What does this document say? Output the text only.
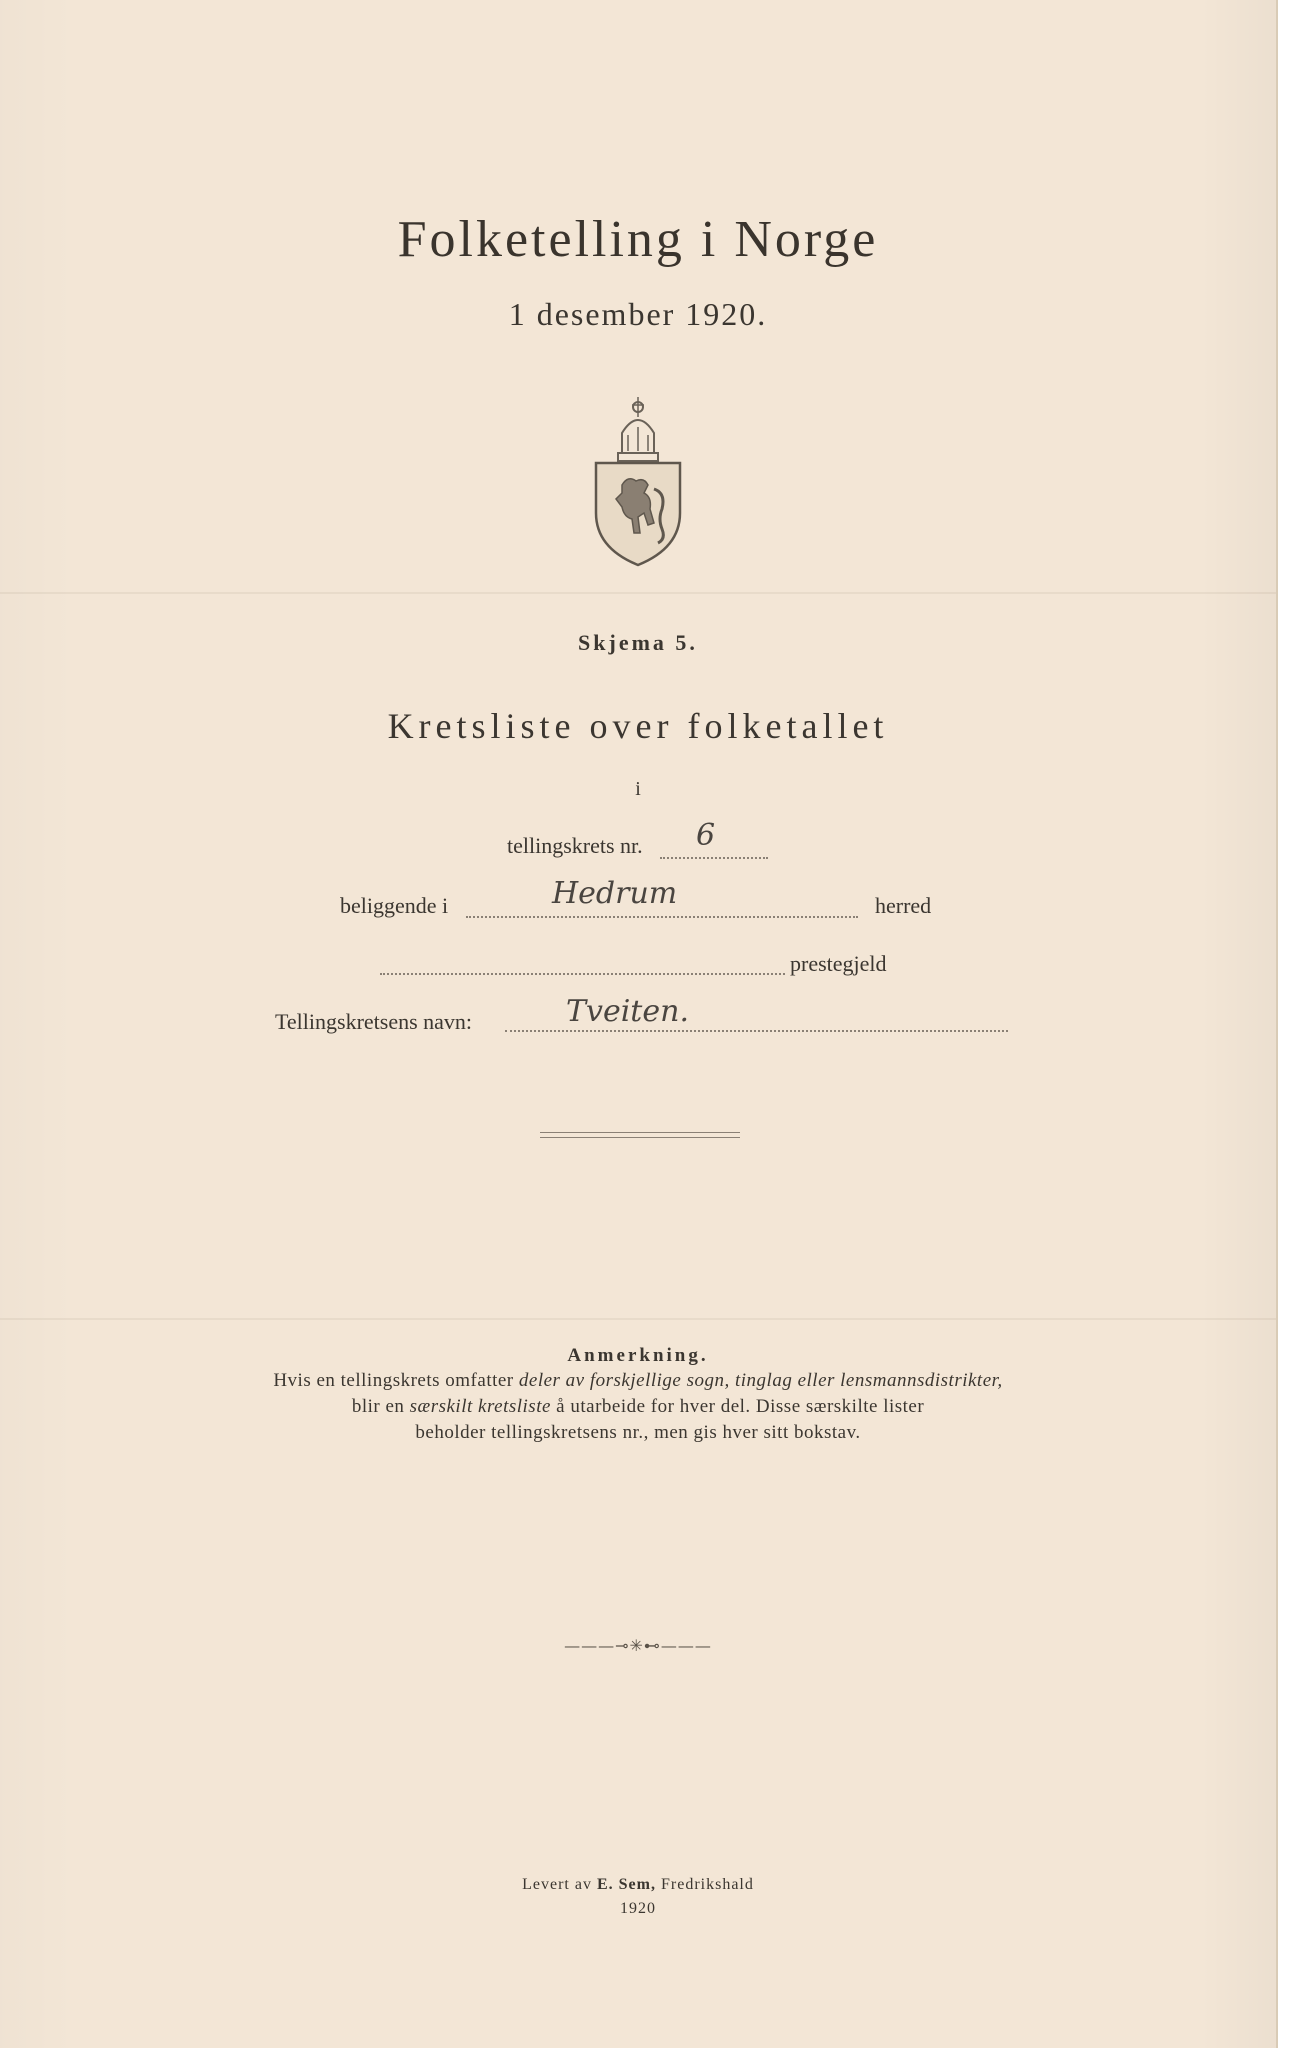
Folketelling i Norge
1 desember 1920.
Skjema 5.
Kretsliste over folketallet
i
tellingskrets nr. 6
beliggende i	Hedrum	herred
prestegjeld
Tellingskretsens navn:	Tveiten.
Anmerkning.
Hvis en tellingskrets omfatter deler av forskjellige sogn, tinglag eller lensmannsdistrikter,
blir en særskilt kretsliste å utarbeide for hver del. Disse særskilte lister
beholder tellingskretsens nr., men gis hver sitt bokstav.
———⊸✳⊷———
Levert av E. Sem, Fredrikshald
1920
